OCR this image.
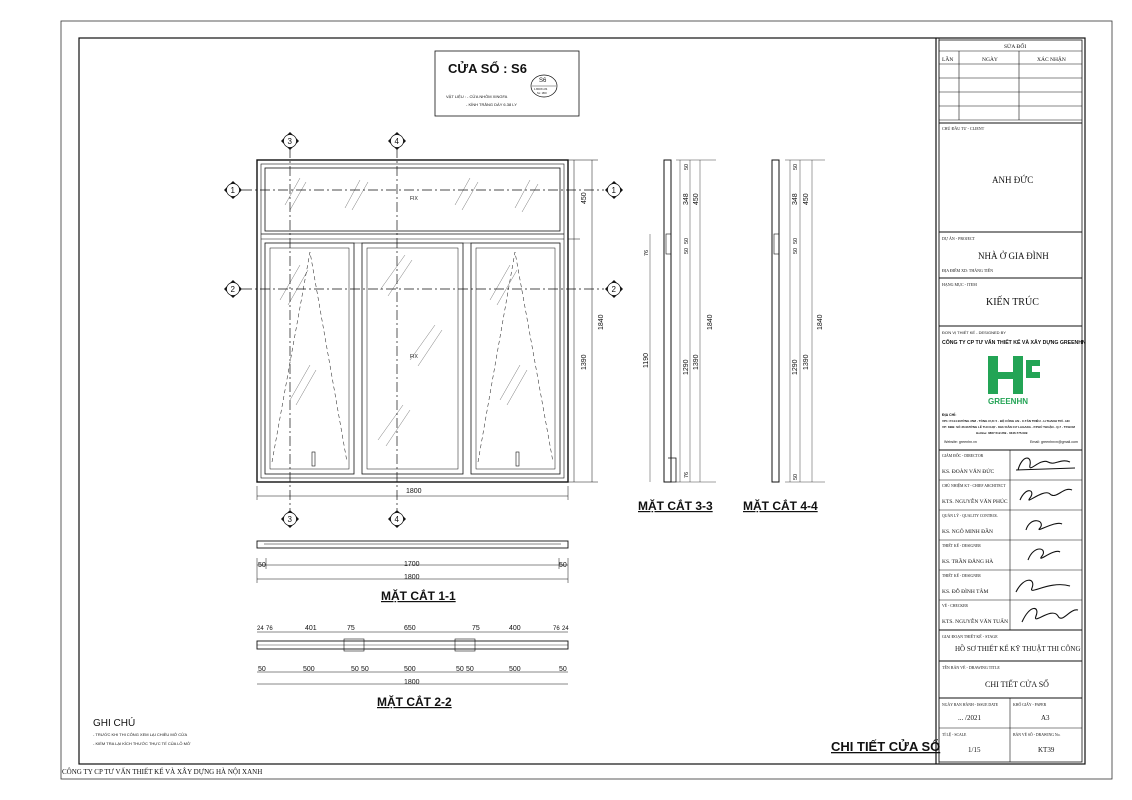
CỬA SỔ : S6
VẬT LIỆU : - CỬA NHÔM XINGFA
- KÍNH TRẮNG DÀY 6.38 LY
S6
1.800X1.84
SL: 1BO
FIX
FIX
1800
450
1390
1840
1	1
2	2
3	4
3	4
50
348
50
50
1290
76
450
1390
76
1190
1840
MẶT CẮT 3-3
50
348
50
50
1290
50
450
1390
1840
MẶT CẮT 4-4
50	1700	50
1800
MẶT CẮT 1-1
24 76	401	75	650	75	400	76 24
50	500	50 50	500	50 50	500	50
1800
MẶT CẮT 2-2
GHI CHÚ
- TRƯỚC KHI THI CÔNG XEM LẠI CHIỀU MỞ CỬA
- KIỂM TRA LẠI KÍCH THƯỚC THỰC TẾ CỦA LỖ MỞ	CHI TIẾT CỬA SỔ
CÔNG TY CP TƯ VẤN THIẾT KẾ VÀ XÂY DỰNG HÀ NỘI XANH
SỬA ĐỔI
LẦN	NGÀY	XÁC NHẬN
CHỦ ĐẦU TƯ - CLIENT
ANH ĐỨC
DỰ ÁN - PROJECT
NHÀ Ở GIA ĐÌNH
ĐỊA ĐIỂM XD: THĂNG TIẾN
HẠNG MỤC - ITEM
KIẾN TRÚC
ĐƠN VỊ THIẾT KẾ - DESIGNED BY
CÔNG TY CP TƯ VẤN THIẾT KẾ VÀ XÂY DỰNG GREENHN
GREENHN
ĐỊA CHỈ:
VP1: P.114 ĐƯỜNG 35M - TỔNG CỤC 5 - BỘ CÔNG AN - X.TÂN TRIỀU - H.THANH TRÌ - HN
VP: KĐB: SỐ 36 ĐƯỜNG LÊ THI CHỢ - KHU DÂN CƯ LAGADA - P.PHÚ THUẬN - Q.7 - TP.HCM
Hotline: 0867.512.269 - 0346.775.099
Website: greenhn.vn	Email: greenhnvn@gmail.com
GIÁM ĐỐC - DIRECTOR
KS. ĐOÀN VĂN ĐỨC
CHỦ NHIỆM KT - CHIEF ARCHITECT
KTS. NGUYỄN VĂN PHÚC
QUẢN LÝ - QUALITY CONTROL
KS. NGÔ MINH ĐẦN
THIẾT KẾ - DESIGNER
KS. TRẦN ĐĂNG HÀ
THIẾT KẾ - DESIGNER
KS. ĐỖ ĐÌNH TÂM
VẼ - CHECKER
KTS. NGUYỄN VĂN TUẤN
GIAI ĐOẠN THIẾT KẾ - STAGE
HỒ SƠ THIẾT KẾ KỸ THUẬT THI CÔNG
TÊN BẢN VẼ - DRAWING TITLE
CHI TIẾT CỬA SỔ
NGÀY BAN HÀNH - ISSUE DATE
... /2021
KHỔ GIẤY - PAPER
A3
TỈ LỆ - SCALE
1/15
BẢN VẼ SỐ - DRAWING No.
KT39
